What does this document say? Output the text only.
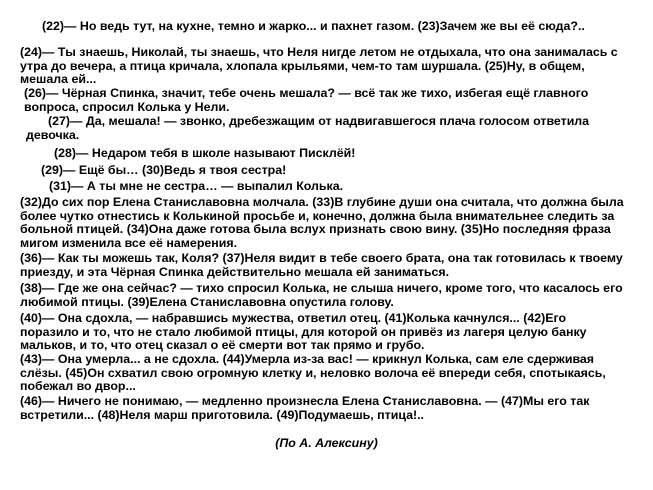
(22)— Но ведь тут, на кухне, темно и жарко... и пахнет газом. (23)Зачем же вы её сюда?..

(24)— Ты знаешь, Николай, ты знаешь, что Неля нигде летом не отдыхала, что она занималась с утра до вечера, а птица кричала, хлопала крыльями, чем-то там шуршала. (25)Ну, в общем, мешала ей...

(26)— Чёрная Спинка, значит, тебе очень мешала? — всё так же тихо, избегая ещё главного вопроса, спросил Колька у Нели.

(27)— Да, мешала! — звонко, дребезжащим от надвигавшегося плача голосом ответила девочка.

(28)— Недаром тебя в школе называют Писклёй!

(29)— Ещё бы… (30)Ведь я твоя сестра!

(31)— А ты мне не сестра… — выпалил Колька.

(32)До сих пор Елена Станиславовна молчала. (33)В глубине души она считала, что должна была более чутко отнестись к Колькиной просьбе и, конечно, должна была внимательнее следить за больной птицей. (34)Она даже готова была вслух признать свою вину. (35)Но последняя фраза мигом изменила все её намерения.

(36)— Как ты можешь так, Коля? (37)Неля видит в тебе своего брата, она так готовилась к твоему приезду, и эта Чёрная Спинка действительно мешала ей заниматься.

(38)— Где же она сейчас? — тихо спросил Колька, не слыша ничего, кроме того, что касалось его любимой птицы. (39)Елена Станиславовна опустила голову.

(40)— Она сдохла, — набравшись мужества, ответил отец. (41)Колька качнулся... (42)Его поразило и то, что не стало любимой птицы, для которой он привёз из лагеря целую банку мальков, и то, что отец сказал о её смерти вот так прямо и грубо.

(43)— Она умерла... а не сдохла. (44)Умерла из-за вас! — крикнул Колька, сам еле сдерживая слёзы. (45)Он схватил свою огромную клетку и, неловко волоча её впереди себя, спотыкаясь, побежал во двор...

(46)— Ничего не понимаю, — медленно произнесла Елена Станиславовна. — (47)Мы его так встретили... (48)Неля марш приготовила. (49)Подумаешь, птица!..

(По А. Алексину)
